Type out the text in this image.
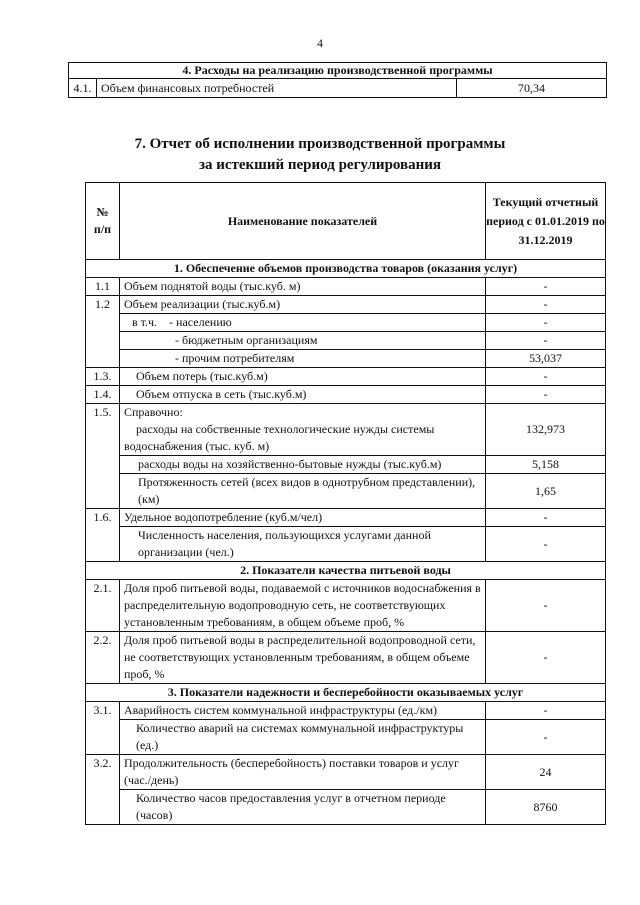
4
4. Расходы на реализацию производственной программы
4.1.	Объем финансовых потребностей	70,34
7. Отчет об исполнении производственной программы
за истекший период регулирования
№ п/п	Наименование показателей	Текущий отчетный период с 01.01.2019 по 31.12.2019
1. Обеспечение объемов производства товаров (оказания услуг)		
1.1	Объем поднятой воды (тыс.куб. м)	-
1.2	Объем реализации (тыс.куб.м)	-
	в т.ч.    - населению	-
	- бюджетным организациям	-
	- прочим потребителям	53,037
1.3.	Объем потерь (тыс.куб.м)	-
1.4.	Объем отпуска в сеть (тыс.куб.м)	-
1.5.	Справочно:
расходы на собственные технологические нужды системы водоснабжения (тыс. куб. м)	132,973
	расходы воды на хозяйственно-бытовые нужды (тыс.куб.м)	5,158
	Протяженность сетей (всех видов в однотрубном представлении), (км)	1,65
1.6.	Удельное водопотребление (куб.м/чел)	-
	Численность населения, пользующихся услугами данной организации (чел.)	-
2. Показатели качества питьевой воды		
2.1.	Доля проб питьевой воды, подаваемой с источников водоснабжения в распределительную водопроводную сеть, не соответствующих установленным требованиям, в общем объеме проб, %	-
2.2.	Доля проб питьевой воды в распределительной водопроводной сети, не соответствующих установленным требованиям, в общем объеме проб, %	-
3. Показатели надежности и бесперебойности оказываемых услуг		
3.1.	Аварийность систем коммунальной инфраструктуры (ед./км)	-
	Количество аварий на системах коммунальной инфраструктуры (ед.)	-
3.2.	Продолжительность (бесперебойность) поставки товаров и услуг (час./день)	24
	Количество часов предоставления услуг в отчетном периоде (часов)	8760
